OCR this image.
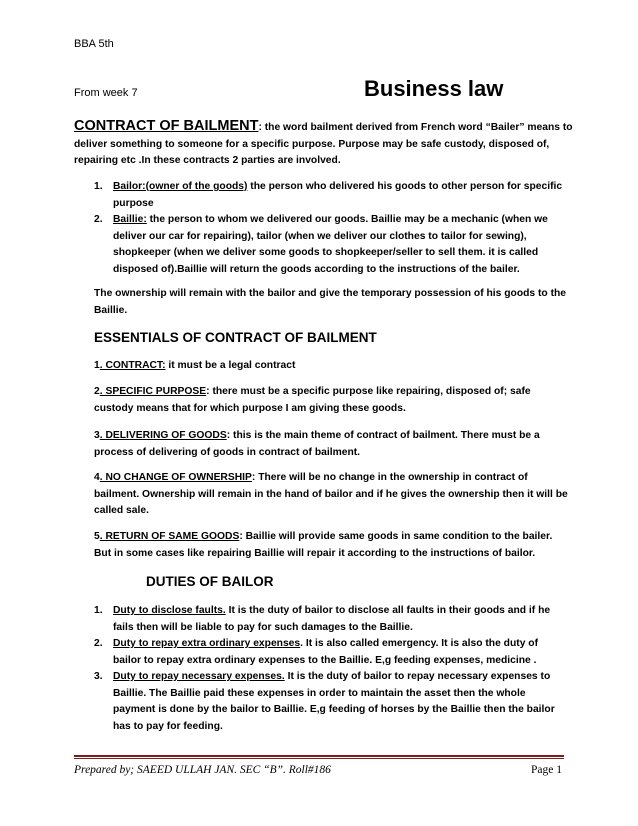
BBA 5th
From week 7	Business law
CONTRACT OF BAILMENT: the word bailment derived from French word “Bailer” means to deliver something to someone for a specific purpose. Purpose may be safe custody, disposed of, repairing etc .In these contracts 2 parties are involved.
1. Bailor:(owner of the goods) the person who delivered his goods to other person for specific purpose
2. Baillie: the person to whom we delivered our goods. Baillie may be a mechanic (when we deliver our car for repairing), tailor (when we deliver our clothes to tailor for sewing), shopkeeper (when we deliver some goods to shopkeeper/seller to sell them. it is called disposed of).Baillie will return the goods according to the instructions of the bailer.
The ownership will remain with the bailor and give the temporary possession of his goods to the Baillie.
ESSENTIALS OF CONTRACT OF BAILMENT
1. CONTRACT: it must be a legal contract
2. SPECIFIC PURPOSE: there must be a specific purpose like repairing, disposed of; safe custody means that for which purpose I am giving these goods.
3. DELIVERING OF GOODS: this is the main theme of contract of bailment. There must be a process of delivering of goods in contract of bailment.
4. NO CHANGE OF OWNERSHIP: There will be no change in the ownership in contract of bailment. Ownership will remain in the hand of bailor and if he gives the ownership then it will be called sale.
5. RETURN OF SAME GOODS: Baillie will provide same goods in same condition to the bailer. But in some cases like repairing Baillie will repair it according to the instructions of bailor.
DUTIES OF BAILOR
1. Duty to disclose faults. It is the duty of bailor to disclose all faults in their goods and if he fails then will be liable to pay for such damages to the Baillie.
2. Duty to repay extra ordinary expenses. It is also called emergency. It is also the duty of bailor to repay extra ordinary expenses to the Baillie. E,g feeding expenses, medicine .
3. Duty to repay necessary expenses. It is the duty of bailor to repay necessary expenses to Baillie. The Baillie paid these expenses in order to maintain the asset then the whole payment is done by the bailor to Baillie. E,g feeding of horses by the Baillie then the bailor has to pay for feeding.
Prepared by; SAEED ULLAH JAN. SEC “B”. Roll#186	Page 1
